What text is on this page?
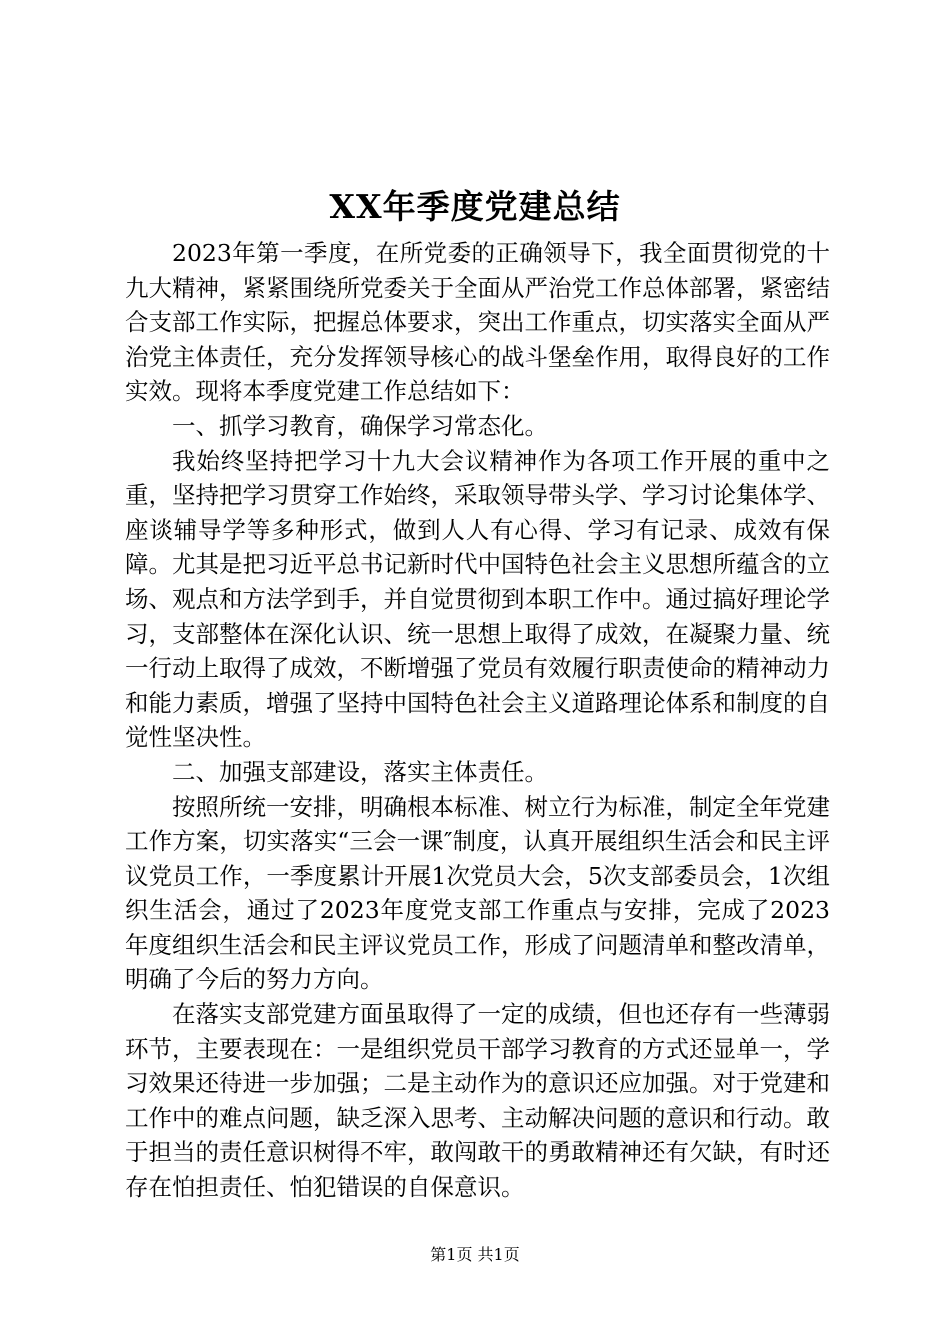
XX年季度党建总结

2023年第一季度，在所党委的正确领导下，我全面贯彻党的十九大精神，紧紧围绕所党委关于全面从严治党工作总体部署，紧密结合支部工作实际，把握总体要求，突出工作重点，切实落实全面从严治党主体责任，充分发挥领导核心的战斗堡垒作用，取得良好的工作实效。现将本季度党建工作总结如下：

一、抓学习教育，确保学习常态化。

我始终坚持把学习十九大会议精神作为各项工作开展的重中之重，坚持把学习贯穿工作始终，采取领导带头学、学习讨论集体学、座谈辅导学等多种形式，做到人人有心得、学习有记录、成效有保障。尤其是把习近平总书记新时代中国特色社会主义思想所蕴含的立场、观点和方法学到手，并自觉贯彻到本职工作中。通过搞好理论学习，支部整体在深化认识、统一思想上取得了成效，在凝聚力量、统一行动上取得了成效，不断增强了党员有效履行职责使命的精神动力和能力素质，增强了坚持中国特色社会主义道路理论体系和制度的自觉性坚决性。

二、加强支部建设，落实主体责任。

按照所统一安排，明确根本标准、树立行为标准，制定全年党建工作方案，切实落实“三会一课″制度，认真开展组织生活会和民主评议党员工作，一季度累计开展1次党员大会，5次支部委员会，1次组织生活会，通过了2023年度党支部工作重点与安排，完成了2023年度组织生活会和民主评议党员工作，形成了问题清单和整改清单，明确了今后的努力方向。

在落实支部党建方面虽取得了一定的成绩，但也还存有一些薄弱环节，主要表现在：一是组织党员干部学习教育的方式还显单一，学习效果还待进一步加强；二是主动作为的意识还应加强。对于党建和工作中的难点问题，缺乏深入思考、主动解决问题的意识和行动。敢于担当的责任意识树得不牢，敢闯敢干的勇敢精神还有欠缺，有时还存在怕担责任、怕犯错误的自保意识。

第1页 共1页
